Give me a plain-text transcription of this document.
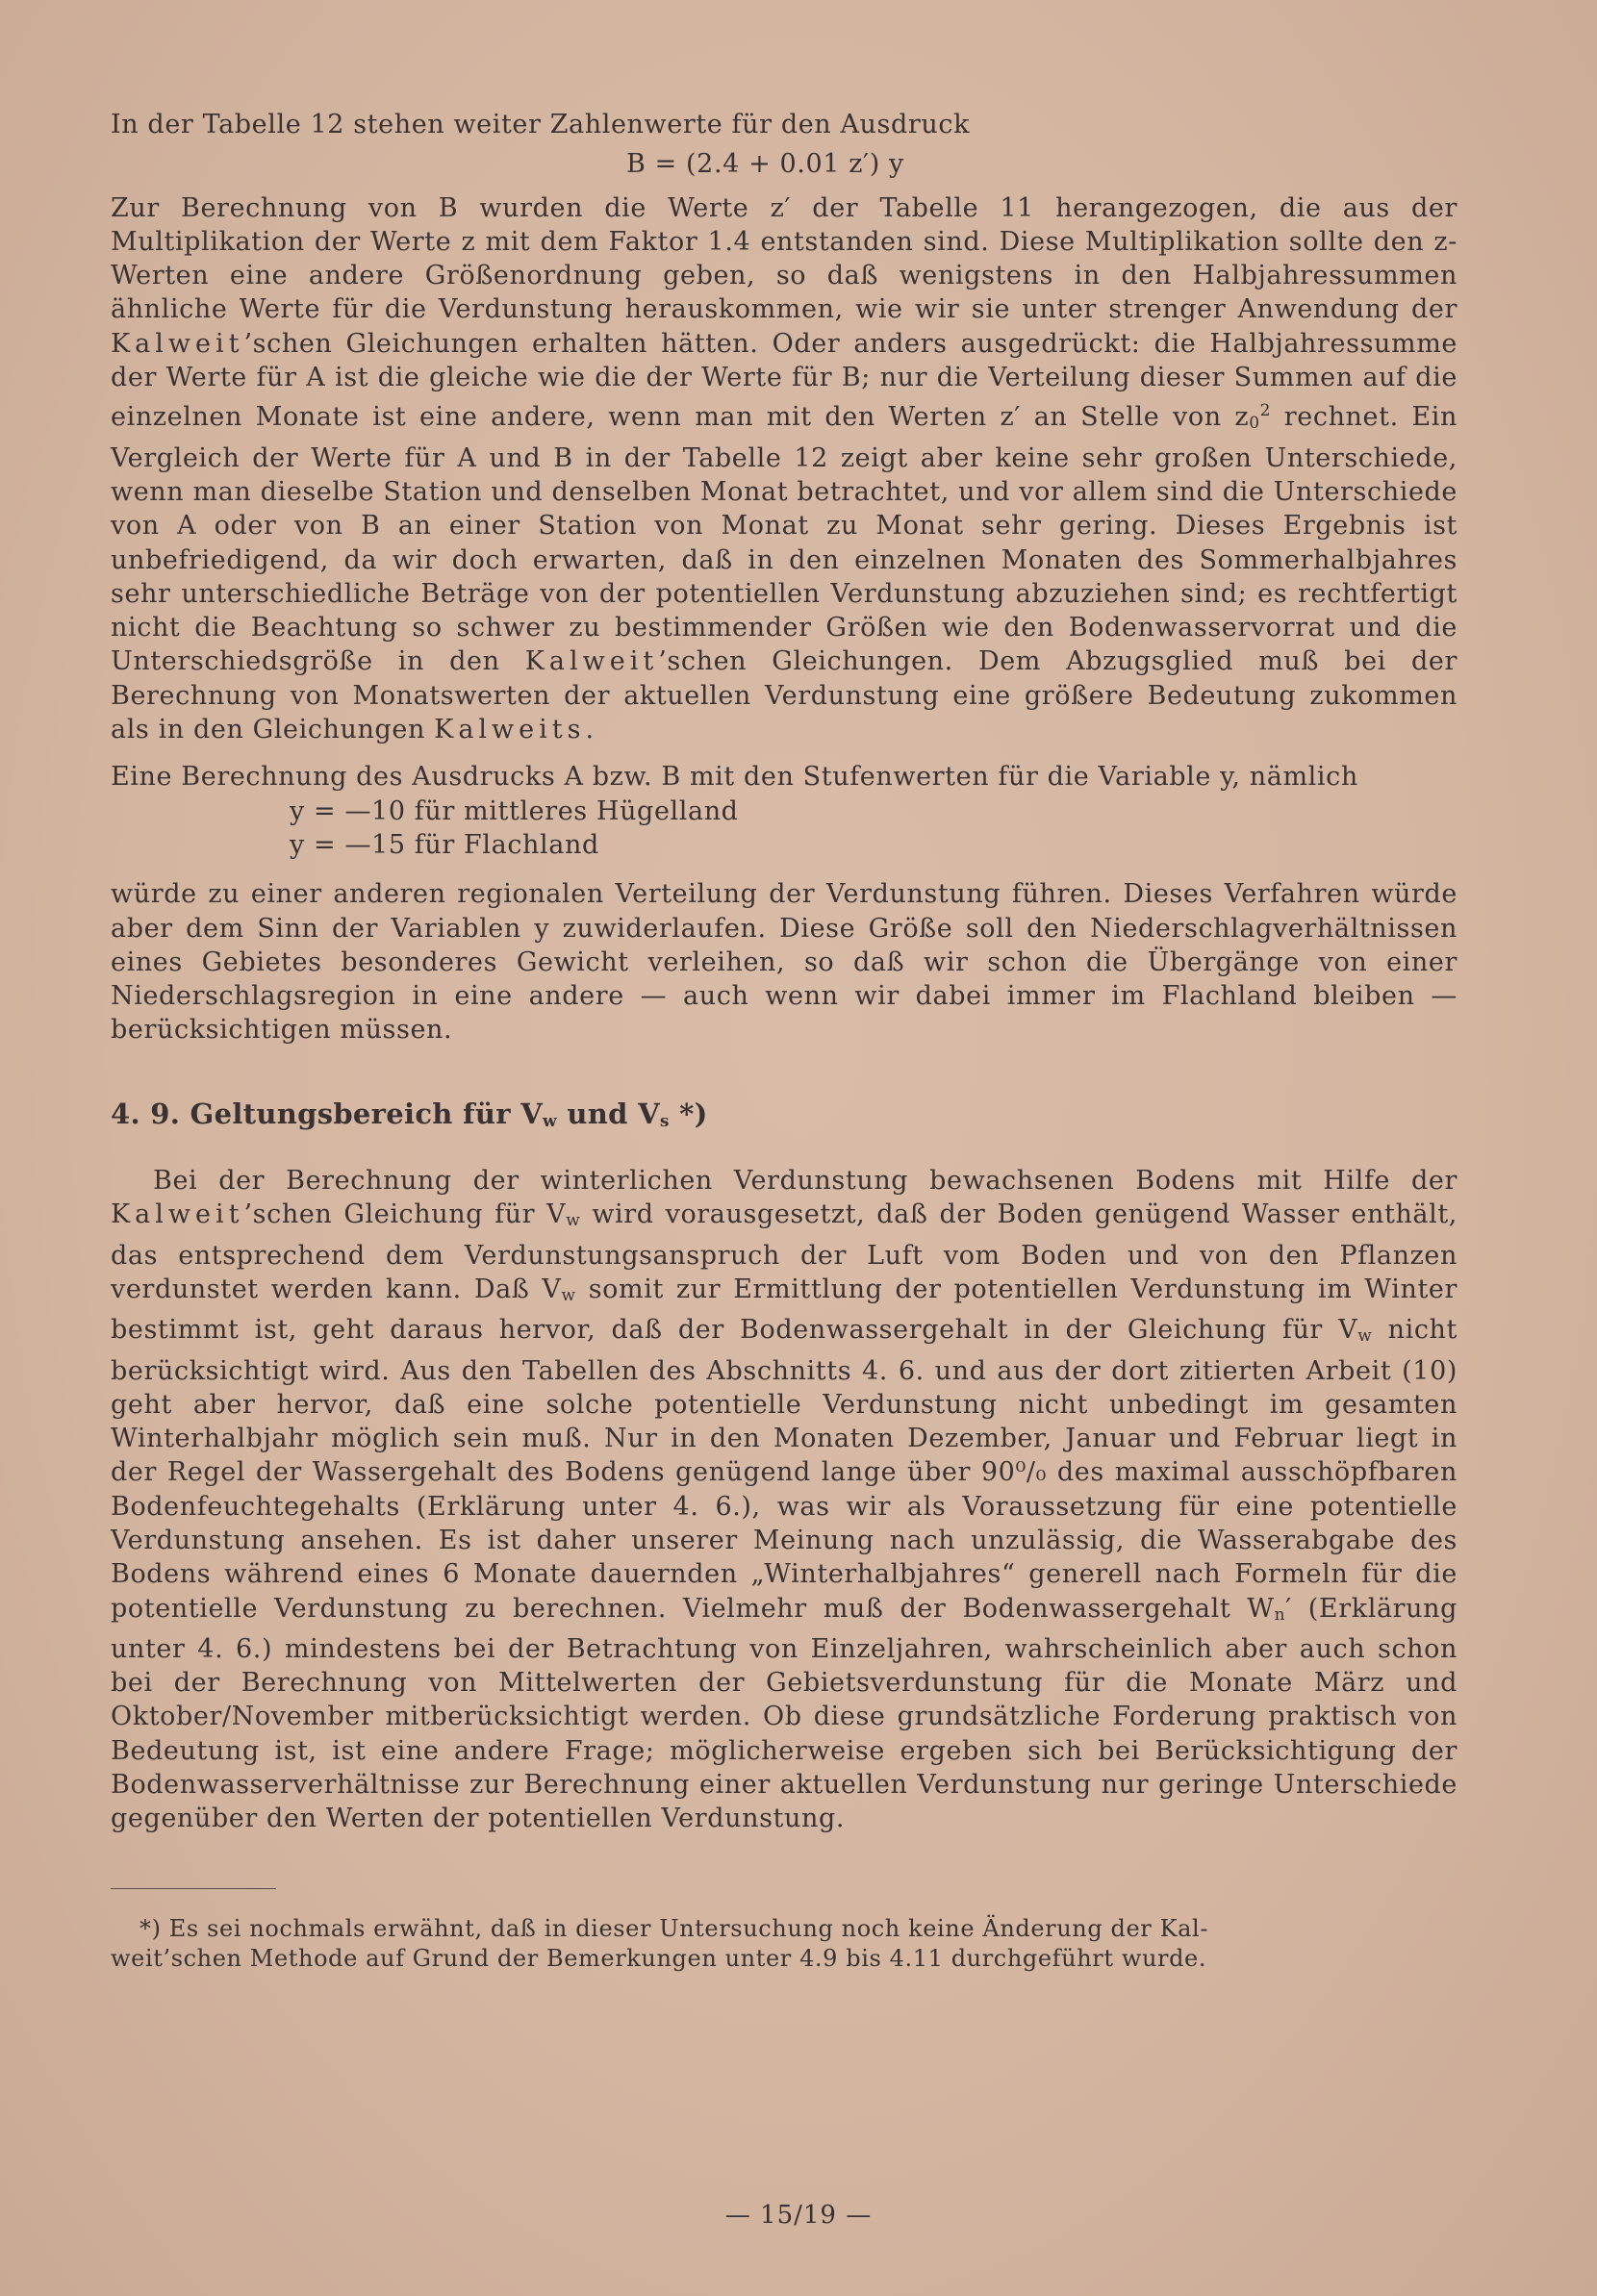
In der Tabelle 12 stehen weiter Zahlenwerte für den Ausdruck

B = (2.4 + 0.01 z′) y

Zur Berechnung von B wurden die Werte z′ der Tabelle 11 herangezogen, die aus der Multiplikation der Werte z mit dem Faktor 1.4 entstanden sind. Diese Multiplikation sollte den z-Werten eine andere Größenordnung geben, so daß wenigstens in den Halbjahressummen ähnliche Werte für die Verdunstung herauskommen, wie wir sie unter strenger Anwendung der Kalweit’schen Gleichungen erhalten hätten. Oder anders ausgedrückt: die Halbjahressumme der Werte für A ist die gleiche wie die der Werte für B; nur die Verteilung dieser Summen auf die einzelnen Monate ist eine andere, wenn man mit den Werten z′ an Stelle von $z_0^2$ rechnet. Ein Vergleich der Werte für A und B in der Tabelle 12 zeigt aber keine sehr großen Unterschiede, wenn man dieselbe Station und denselben Monat betrachtet, und vor allem sind die Unterschiede von A oder von B an einer Station von Monat zu Monat sehr gering. Dieses Ergebnis ist unbefriedigend, da wir doch erwarten, daß in den einzelnen Monaten des Sommerhalbjahres sehr unterschiedliche Beträge von der potentiellen Verdunstung abzuziehen sind; es rechtfertigt nicht die Beachtung so schwer zu bestimmender Größen wie den Bodenwasservorrat und die Unterschiedsgröße in den Kalweit’schen Gleichungen. Dem Abzugsglied muß bei der Berechnung von Monatswerten der aktuellen Verdunstung eine größere Bedeutung zukommen als in den Gleichungen Kalweits.

Eine Berechnung des Ausdrucks A bzw. B mit den Stufenwerten für die Variable y, nämlich

y = —10 für mittleres Hügelland

y = —15 für Flachland

würde zu einer anderen regionalen Verteilung der Verdunstung führen. Dieses Verfahren würde aber dem Sinn der Variablen y zuwiderlaufen. Diese Größe soll den Niederschlagverhältnissen eines Gebietes besonderes Gewicht verleihen, so daß wir schon die Übergänge von einer Niederschlagsregion in eine andere — auch wenn wir dabei immer im Flachland bleiben — berücksichtigen müssen.

4. 9. Geltungsbereich für $V_w$ und $V_s$ *)

Bei der Berechnung der winterlichen Verdunstung bewachsenen Bodens mit Hilfe der Kalweit’schen Gleichung für $V_w$ wird vorausgesetzt, daß der Boden genügend Wasser enthält, das entsprechend dem Verdunstungsanspruch der Luft vom Boden und von den Pflanzen verdunstet werden kann. Daß $V_w$ somit zur Ermittlung der potentiellen Verdunstung im Winter bestimmt ist, geht daraus hervor, daß der Bodenwassergehalt in der Gleichung für $V_w$ nicht berücksichtigt wird. Aus den Tabellen des Abschnitts 4. 6. und aus der dort zitierten Arbeit (10) geht aber hervor, daß eine solche potentielle Verdunstung nicht unbedingt im gesamten Winterhalbjahr möglich sein muß. Nur in den Monaten Dezember, Januar und Februar liegt in der Regel der Wassergehalt des Bodens genügend lange über 90⁰/₀ des maximal ausschöpfbaren Bodenfeuchtegehalts (Erklärung unter 4. 6.), was wir als Voraussetzung für eine potentielle Verdunstung ansehen. Es ist daher unserer Meinung nach unzulässig, die Wasserabgabe des Bodens während eines 6 Monate dauernden „Winterhalbjahres“ generell nach Formeln für die potentielle Verdunstung zu berechnen. Vielmehr muß der Bodenwassergehalt $W_n'$ (Erklärung unter 4. 6.) mindestens bei der Betrachtung von Einzeljahren, wahrscheinlich aber auch schon bei der Berechnung von Mittelwerten der Gebietsverdunstung für die Monate März und Oktober/November mitberücksichtigt werden. Ob diese grundsätzliche Forderung praktisch von Bedeutung ist, ist eine andere Frage; möglicherweise ergeben sich bei Berücksichtigung der Bodenwasserverhältnisse zur Berechnung einer aktuellen Verdunstung nur geringe Unterschiede gegenüber den Werten der potentiellen Verdunstung.

*) Es sei nochmals erwähnt, daß in dieser Untersuchung noch keine Änderung der Kal-

weit’schen Methode auf Grund der Bemerkungen unter 4.9 bis 4.11 durchgeführt wurde.

— 15/19 —
